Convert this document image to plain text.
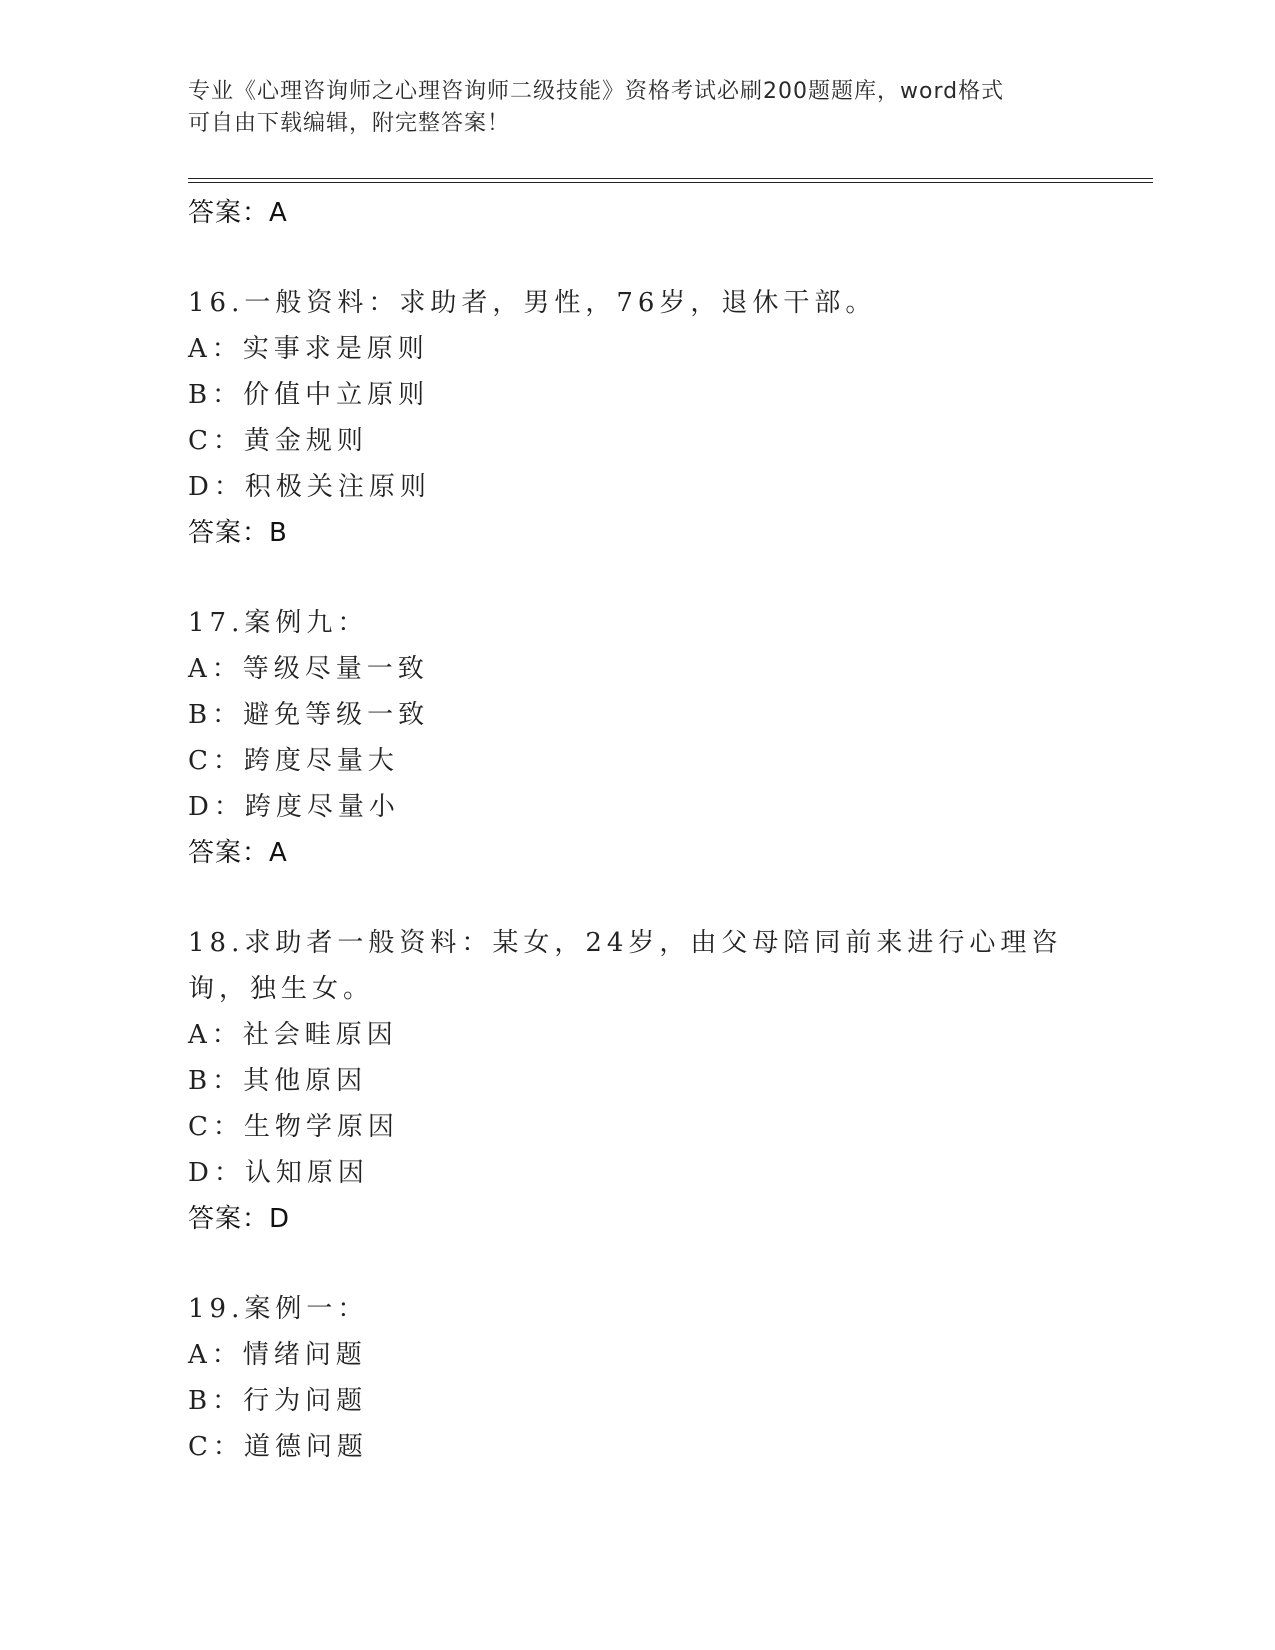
专业《心理咨询师之心理咨询师二级技能》资格考试必刷200题题库，word格式
可自由下载编辑，附完整答案！
答案：A
16.一般资料：求助者，男性，76岁，退休干部。
A：实事求是原则
B：价值中立原则
C：黄金规则
D：积极关注原则
答案：B
17.案例九：
A：等级尽量一致
B：避免等级一致
C：跨度尽量大
D：跨度尽量小
答案：A
18.求助者一般资料：某女，24岁，由父母陪同前来进行心理咨询，独生女。
A：社会畦原因
B：其他原因
C：生物学原因
D：认知原因
答案：D
19.案例一：
A：情绪问题
B：行为问题
C：道德问题
